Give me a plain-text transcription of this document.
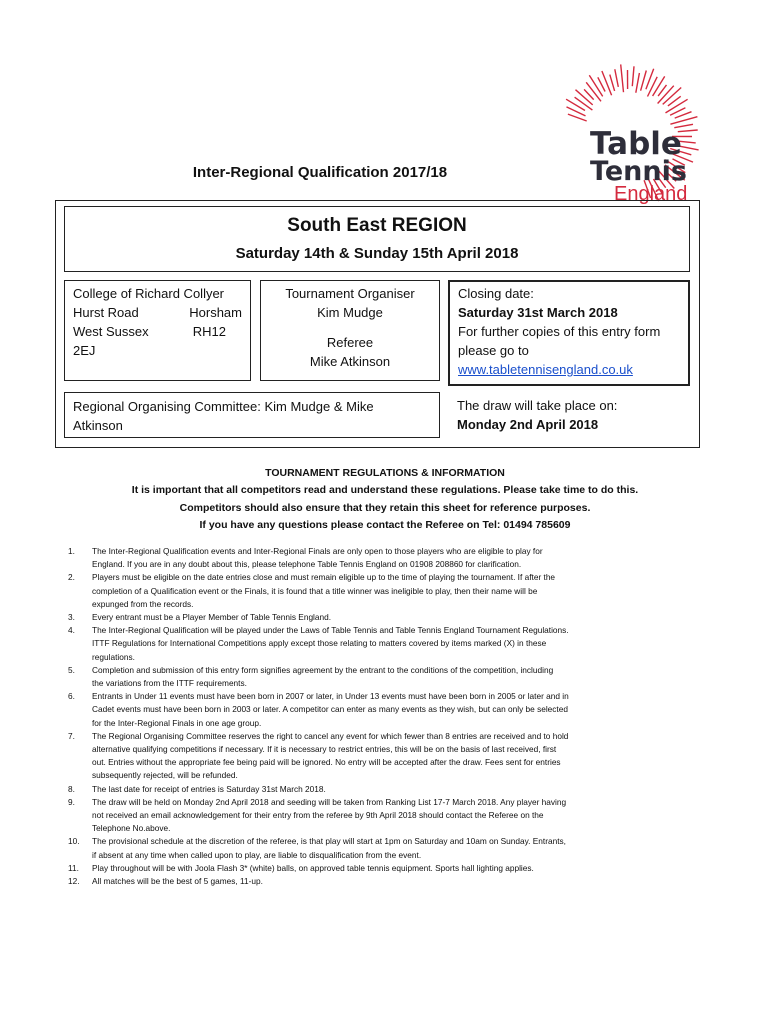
Table
Tennis
England
Inter-Regional Qualification 2017/18
South East REGION
Saturday 14th & Sunday 15th April 2018
College of Richard Collyer
Hurst Road	Horsham
West Sussex	RH12
2EJ
Tournament Organiser
Kim Mudge
Referee
Mike Atkinson
Closing date:
Saturday 31st March 2018
For further copies of this entry form
please go to
www.tabletennisengland.co.uk
Regional Organising Committee: Kim Mudge & Mike
Atkinson
The draw will take place on:
Monday 2nd April 2018
TOURNAMENT REGULATIONS & INFORMATION
It is important that all competitors read and understand these regulations. Please take time to do this.
Competitors should also ensure that they retain this sheet for reference purposes.
If you have any questions please contact the Referee on Tel: 01494 785609
1. The Inter-Regional Qualification events and Inter-Regional Finals are only open to those players who are eligible to play for
England. If you are in any doubt about this, please telephone Table Tennis England on 01908 208860 for clarification.
2. Players must be eligible on the date entries close and must remain eligible up to the time of playing the tournament. If after the
completion of a Qualification event or the Finals, it is found that a title winner was ineligible to play, then their name will be
expunged from the records.
3. Every entrant must be a Player Member of Table Tennis England.
4. The Inter-Regional Qualification will be played under the Laws of Table Tennis and Table Tennis England Tournament Regulations.
ITTF Regulations for International Competitions apply except those relating to matters covered by items marked (X) in these
regulations.
5. Completion and submission of this entry form signifies agreement by the entrant to the conditions of the competition, including
the variations from the ITTF requirements.
6. Entrants in Under 11 events must have been born in 2007 or later, in Under 13 events must have been born in 2005 or later and in
Cadet events must have been born in 2003 or later. A competitor can enter as many events as they wish, but can only be selected
for the Inter-Regional Finals in one age group.
7. The Regional Organising Committee reserves the right to cancel any event for which fewer than 8 entries are received and to hold
alternative qualifying competitions if necessary. If it is necessary to restrict entries, this will be on the basis of last received, first
out. Entries without the appropriate fee being paid will be ignored. No entry will be accepted after the draw. Fees sent for entries
subsequently rejected, will be refunded.
8. The last date for receipt of entries is Saturday 31st March 2018.
9. The draw will be held on Monday 2nd April 2018 and seeding will be taken from Ranking List 17-7 March 2018. Any player having
not received an email acknowledgement for their entry from the referee by 9th April 2018 should contact the Referee on the
Telephone No.above.
10. The provisional schedule at the discretion of the referee, is that play will start at 1pm on Saturday and 10am on Sunday. Entrants,
if absent at any time when called upon to play, are liable to disqualification from the event.
11. Play throughout will be with Joola Flash 3* (white) balls, on approved table tennis equipment. Sports hall lighting applies.
12. All matches will be the best of 5 games, 11-up.
